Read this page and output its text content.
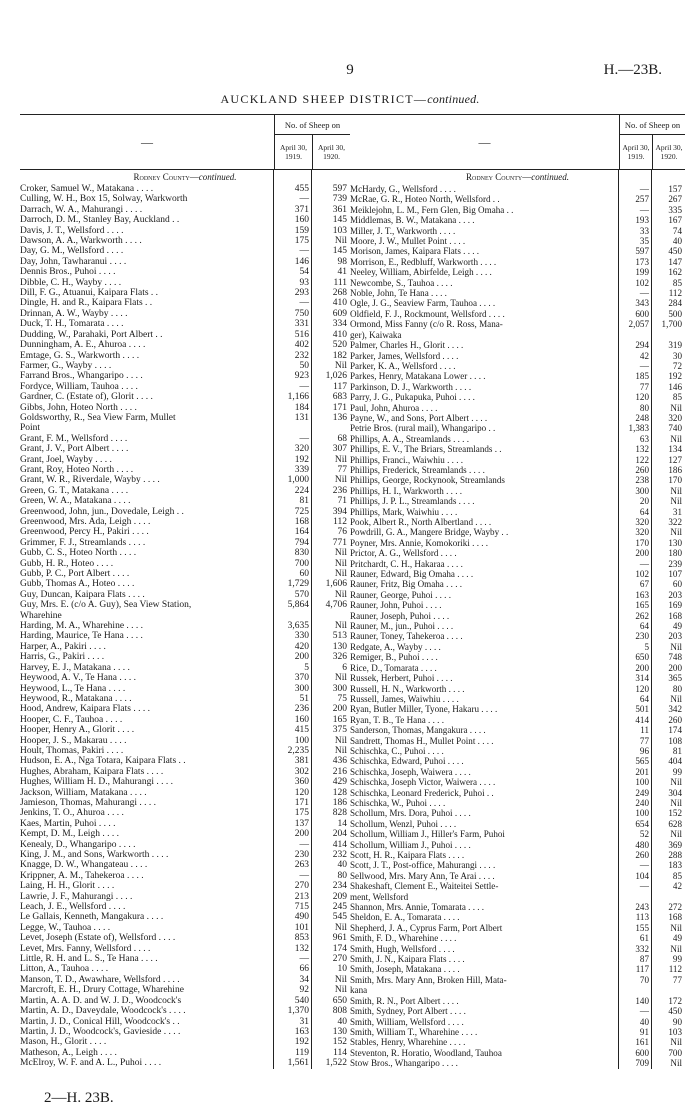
9	H.—23B.
AUCKLAND SHEEP DISTRICT—continued.
—
No. of Sheep on
April 30, 1919.
April 30, 1920.
Rodney County—continued.
Croker, Samuel W., Matakana . . . .	455	597
Culling, W. H., Box 15, Solway, Warkworth	—	739
Darrach, W. A., Mahurangi . . . .	371	361
Darroch, D. M., Stanley Bay, Auckland . .	160	145
Davis, J. T., Wellsford . . . .	159	103
Dawson, A. A., Warkworth . . . .	175	Nil
Day, G. M., Wellsford . . . .	—	145
Day, John, Tawharanui . . . .	146	98
Dennis Bros., Puhoi . . . .	54	41
Dibble, C. H., Wayby . . . .	93	111
Dill, F. G., Atuanui, Kaipara Flats . .	293	268
Dingle, H. and R., Kaipara Flats . .	—	410
Drinnan, A. W., Wayby . . . .	750	609
Duck, T. H., Tomarata . . . .	331	334
Dudding, W., Parahaki, Port Albert . .	516	410
Dunningham, A. E., Ahuroa . . . .	402	520
Emtage, G. S., Warkworth . . . .	232	182
Farmer, G., Wayby . . . .	50	Nil
Farrand Bros., Whangaripo . . . .	923	1,026
Fordyce, William, Tauhoa . . . .	—	117
Gardner, C. (Estate of), Glorit . . . .	1,166	683
Gibbs, John, Hoteo North . . . .	184	171
Goldsworthy, R., Sea View Farm, Mullet	131	136
Point
Grant, F. M., Wellsford . . . .	—	68
Grant, J. V., Port Albert . . . .	320	307
Grant, Joel, Wayby . . . .	192	Nil
Grant, Roy, Hoteo North . . . .	339	77
Grant, W. R., Riverdale, Wayby . . . .	1,000	Nil
Green, G. T., Matakana . . . .	224	236
Green, W. A., Matakana . . . .	81	71
Greenwood, John, jun., Dovedale, Leigh . .	725	394
Greenwood, Mrs. Ada, Leigh . . . .	168	112
Greenwood, Percy H., Pakiri . . . .	164	76
Grimmer, F. J., Streamlands . . . .	794	771
Gubb, C. S., Hoteo North . . . .	830	Nil
Gubb, H. R., Hoteo . . . .	700	Nil
Gubb, P. C., Port Albert . . . .	60	Nil
Gubb, Thomas A., Hoteo . . . .	1,729	1,606
Guy, Duncan, Kaipara Flats . . . .	570	Nil
Guy, Mrs. E. (c/o A. Guy), Sea View Station,	5,864	4,706
Wharehine
Harding, M. A., Wharehine . . . .	3,635	Nil
Harding, Maurice, Te Hana . . . .	330	513
Harper, A., Pakiri . . . .	420	130
Harris, G., Pakiri . . . .	200	326
Harvey, E. J., Matakana . . . .	5	6
Heywood, A. V., Te Hana . . . .	370	Nil
Heywood, L., Te Hana . . . .	300	300
Heywood, R., Matakana . . . .	51	75
Hood, Andrew, Kaipara Flats . . . .	236	200
Hooper, C. F., Tauhoa . . . .	160	165
Hooper, Henry A., Glorit . . . .	415	375
Hooper, J. S., Makarau . . . .	100	Nil
Hoult, Thomas, Pakiri . . . .	2,235	Nil
Hudson, E. A., Nga Totara, Kaipara Flats . .	381	436
Hughes, Abraham, Kaipara Flats . . . .	302	216
Hughes, William H. D., Mahurangi . . . .	360	429
Jackson, William, Matakana . . . .	120	128
Jamieson, Thomas, Mahurangi . . . .	171	186
Jenkins, T. O., Ahuroa . . . .	175	828
Kaes, Martin, Puhoi . . . .	137	14
Kempt, D. M., Leigh . . . .	200	204
Kenealy, D., Whangaripo . . . .	—	414
King, J. M., and Sons, Warkworth . . . .	230	232
Knagge, D. W., Whangateau . . . .	263	40
Krippner, A. M., Tahekeroa . . . .	—	80
Laing, H. H., Glorit . . . .	270	234
Lawrie, J. F., Mahurangi . . . .	213	209
Leach, J. E., Wellsford . . . .	715	245
Le Gallais, Kenneth, Mangakura . . . .	490	545
Legge, W., Tauhoa . . . .	101	Nil
Levet, Joseph (Estate of), Wellsford . . . .	853	961
Levet, Mrs. Fanny, Wellsford . . . .	132	174
Little, R. H. and L. S., Te Hana . . . .	—	270
Litton, A., Tauhoa . . . .	66	10
Manson, T. D., Awawhare, Wellsford . . . .	34	Nil
Marcroft, E. H., Drury Cottage, Wharehine	92	Nil
Martin, A. A. D. and W. J. D., Woodcock's	540	650
Martin, A. D., Daveydale, Woodcock's . . . .	1,370	808
Martin, J. D., Conical Hill, Woodcock's . .	31	40
Martin, J. D., Woodcock's, Gavieside . . . .	163	130
Mason, H., Glorit . . . .	192	152
Matheson, A., Leigh . . . .	119	114
McElroy, W. F. and A. L., Puhoi . . . .	1,561	1,522
—
No. of Sheep on
April 30, 1919.
April 30, 1920.
Rodney County—continued.
McHardy, G., Wellsford . . . .	—	157
McRae, G. R., Hoteo North, Wellsford . .	257	267
Meiklejohn, L. M., Fern Glen, Big Omaha . .	—	335
Middlemas, B. W., Matakana . . . .	193	167
Miller, J. T., Warkworth . . . .	33	74
Moore, J. W., Mullet Point . . . .	35	40
Morison, James, Kaipara Flats . . . .	597	450
Morrison, E., Redbluff, Warkworth . . . .	173	147
Neeley, William, Abirfelde, Leigh . . . .	199	162
Newcombe, S., Tauhoa . . . .	102	85
Noble, John, Te Hana . . . .	—	112
Ogle, J. G., Seaview Farm, Tauhoa . . . .	343	284
Oldfield, F. J., Rockmount, Wellsford . . . .	600	500
Ormond, Miss Fanny (c/o R. Ross, Mana-	2,057	1,700
ger), Kaiwaka
Palmer, Charles H., Glorit . . . .	294	319
Parker, James, Wellsford . . . .	42	30
Parker, K. A., Wellsford . . . .	—	72
Parkes, Henry, Matakana Lower . . . .	185	192
Parkinson, D. J., Warkworth . . . .	77	146
Parry, J. G., Pukapuka, Puhoi . . . .	120	85
Paul, John, Ahuroa . . . .	80	Nil
Payne, W., and Sons, Port Albert . . . .	248	320
Petrie Bros. (rural mail), Whangaripo . .	1,383	740
Phillips, A. A., Streamlands . . . .	63	Nil
Phillips, E. V., The Briars, Streamlands . .	132	134
Phillips, Franci., Waiwhiu . . . .	122	127
Phillips, Frederick, Streamlands . . . .	260	186
Phillips, George, Rockynook, Streamlands	238	170
Phillips, H. I., Warkworth . . . .	300	Nil
Phillips, J. P. L., Streamlands . . . .	20	Nil
Phillips, Mark, Waiwhiu . . . .	64	31
Pook, Albert R., North Albertland . . . .	320	322
Powdrill, G. A., Mangere Bridge, Wayby . .	320	Nil
Poyner, Mrs. Annie, Komokoriki . . . .	170	130
Prictor, A. G., Wellsford . . . .	200	180
Pritchardt, C. H., Hakaraa . . . .	—	239
Rauner, Edward, Big Omaha . . . .	102	107
Rauner, Fritz, Big Omaha . . . .	67	60
Rauner, George, Puhoi . . . .	163	203
Rauner, John, Puhoi . . . .	165	169
Rauner, Joseph, Puhoi . . . .	262	168
Rauner, M., jun., Puhoi . . . .	64	49
Rauner, Toney, Tahekeroa . . . .	230	203
Redgate, A., Wayby . . . .	5	Nil
Remiger, B., Puhoi . . . .	650	748
Rice, D., Tomarata . . . .	200	200
Russek, Herbert, Puhoi . . . .	314	365
Russell, H. N., Warkworth . . . .	120	80
Russell, James, Waiwhiu . . . .	64	Nil
Ryan, Butler Miller, Tyone, Hakaru . . . .	501	342
Ryan, T. B., Te Hana . . . .	414	260
Sanderson, Thomas, Mangakura . . . .	11	174
Sandrett, Thomas H., Mullet Point . . . .	77	108
Schischka, C., Puhoi . . . .	96	81
Schischka, Edward, Puhoi . . . .	565	404
Schischka, Joseph, Waiwera . . . .	201	99
Schischka, Joseph Victor, Waiwera . . . .	100	Nil
Schischka, Leonard Frederick, Puhoi . .	249	304
Schischka, W., Puhoi . . . .	240	Nil
Schollum, Mrs. Dora, Puhoi . . . .	100	152
Schollum, Wenzl, Puhoi . . . .	654	628
Schollum, William J., Hiller's Farm, Puhoi	52	Nil
Schollum, William J., Puhoi . . . .	480	369
Scott, H. R., Kaipara Flats . . . .	260	288
Scott, J. T., Post-office, Mahurangi . . . .	—	183
Sellwood, Mrs. Mary Ann, Te Arai . . . .	104	85
Shakeshaft, Clement E., Waiteitei Settle-	—	42
ment, Wellsford
Shannon, Mrs. Annie, Tomarata . . . .	243	272
Sheldon, E. A., Tomarata . . . .	113	168
Shepherd, J. A., Cyprus Farm, Port Albert	155	Nil
Smith, F. D., Wharehine . . . .	61	49
Smith, Hugh, Wellsford . . . .	332	Nil
Smith, J. N., Kaipara Flats . . . .	87	99
Smith, Joseph, Matakana . . . .	117	112
Smith, Mrs. Mary Ann, Broken Hill, Mata-	70	77
kana
Smith, R. N., Port Albert . . . .	140	172
Smith, Sydney, Port Albert . . . .	—	450
Smith, William, Wellsford . . . .	40	90
Smith, William T., Wharehine . . . .	91	103
Stables, Henry, Wharehine . . . .	161	Nil
Steventon, R. Horatio, Woodland, Tauhoa	600	700
Stow Bros., Whangaripo . . . .	709	Nil
2—H. 23B.
